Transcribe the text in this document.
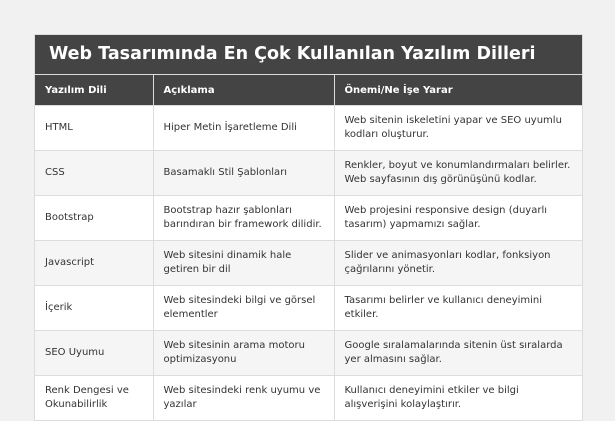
Web Tasarımında En Çok Kullanılan Yazılım Dilleri
Yazılım Dili	Açıklama	Önemi/Ne İşe Yarar
HTML	Hiper Metin İşaretleme Dili	Web sitenin iskeletini yapar ve SEO uyumlu kodları oluşturur.
CSS	Basamaklı Stil Şablonları	Renkler, boyut ve konumlandırmaları belirler. Web sayfasının dış görünüşünü kodlar.
Bootstrap	Bootstrap hazır şablonları barındıran bir framework dilidir.	Web projesini responsive design (duyarlı tasarım) yapmamızı sağlar.
Javascript	Web sitesini dinamik hale getiren bir dil	Slider ve animasyonları kodlar, fonksiyon çağrılarını yönetir.
İçerik	Web sitesindeki bilgi ve görsel elementler	Tasarımı belirler ve kullanıcı deneyimini etkiler.
SEO Uyumu	Web sitesinin arama motoru optimizasyonu	Google sıralamalarında sitenin üst sıralarda yer almasını sağlar.
Renk Dengesi ve Okunabilirlik	Web sitesindeki renk uyumu ve yazılar	Kullanıcı deneyimini etkiler ve bilgi alışverişini kolaylaştırır.
